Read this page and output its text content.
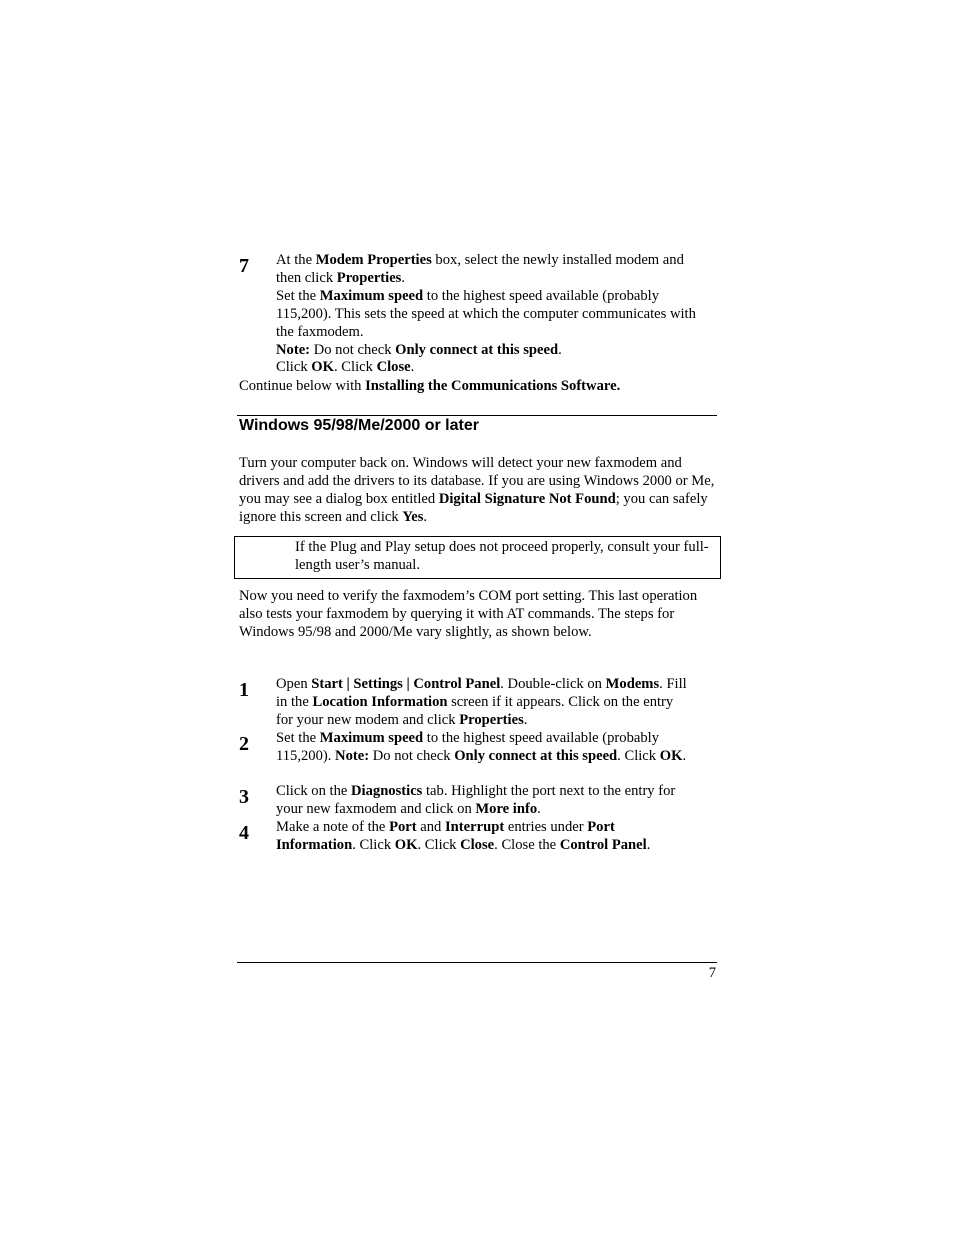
7 At the Modem Properties box, select the newly installed modem and then click Properties.
Set the Maximum speed to the highest speed available (probably 115,200). This sets the speed at which the computer communicates with the faxmodem.
Note: Do not check Only connect at this speed.
Click OK. Click Close.
Continue below with Installing the Communications Software.
Windows 95/98/Me/2000 or later
Turn your computer back on. Windows will detect your new faxmodem and drivers and add the drivers to its database. If you are using Windows 2000 or Me, you may see a dialog box entitled Digital Signature Not Found; you can safely ignore this screen and click Yes.
If the Plug and Play setup does not proceed properly, consult your full-length user’s manual.
Now you need to verify the faxmodem’s COM port setting. This last operation also tests your faxmodem by querying it with AT commands. The steps for Windows 95/98 and 2000/Me vary slightly, as shown below.
1 Open Start | Settings | Control Panel. Double-click on Modems. Fill in the Location Information screen if it appears. Click on the entry for your new modem and click Properties.
2 Set the Maximum speed to the highest speed available (probably 115,200). Note: Do not check Only connect at this speed. Click OK.
3 Click on the Diagnostics tab. Highlight the port next to the entry for your new faxmodem and click on More info.
4 Make a note of the Port and Interrupt entries under Port Information. Click OK. Click Close. Close the Control Panel.
7
